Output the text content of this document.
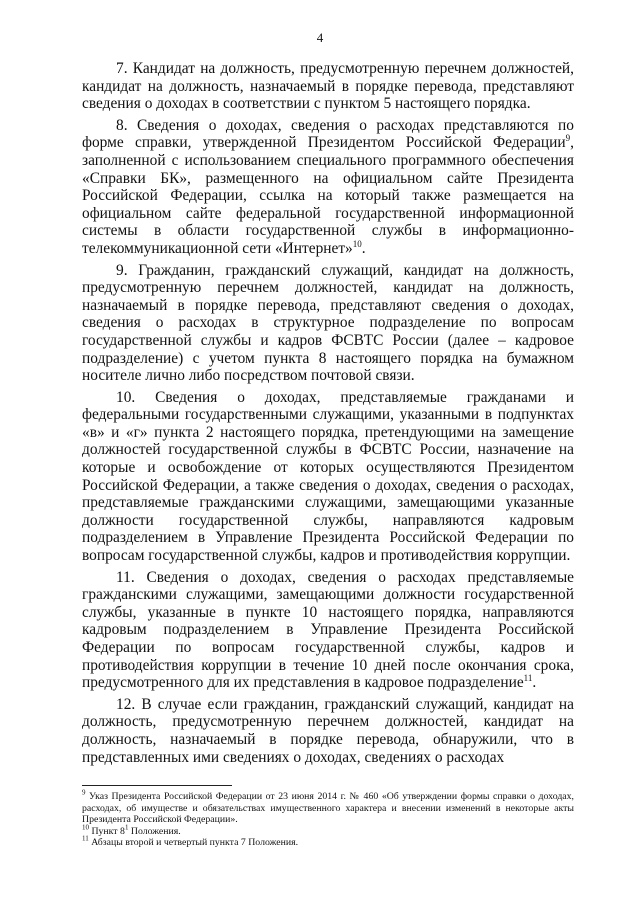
4

7. Кандидат на должность, предусмотренную перечнем должностей, кандидат на должность, назначаемый в порядке перевода, представляют сведения о доходах в соответствии с пунктом 5 настоящего порядка.

8. Сведения о доходах, сведения о расходах представляются по форме справки, утвержденной Президентом Российской Федерации$^9$, заполненной с использованием специального программного обеспечения «Справки БК», размещенного на официальном сайте Президента Российской Федерации, ссылка на который также размещается на официальном сайте федеральной государственной информационной системы в области государственной службы в информационно-телекоммуникационной сети «Интернет»$^{10}$.

9. Гражданин, гражданский служащий, кандидат на должность, предусмотренную перечнем должностей, кандидат на должность, назначаемый в порядке перевода, представляют сведения о доходах, сведения о расходах в структурное подразделение по вопросам государственной службы и кадров ФСВТС России (далее – кадровое подразделение) с учетом пункта 8 настоящего порядка на бумажном носителе лично либо посредством почтовой связи.

10. Сведения о доходах, представляемые гражданами и федеральными государственными служащими, указанными в подпунктах «в» и «г» пункта 2 настоящего порядка, претендующими на замещение должностей государственной службы в ФСВТС России, назначение на которые и освобождение от которых осуществляются Президентом Российской Федерации, а также сведения о доходах, сведения о расходах, представляемые гражданскими служащими, замещающими указанные должности государственной службы, направляются кадровым подразделением в Управление Президента Российской Федерации по вопросам государственной службы, кадров и противодействия коррупции.

11. Сведения о доходах, сведения о расходах представляемые гражданскими служащими, замещающими должности государственной службы, указанные в пункте 10 настоящего порядка, направляются кадровым подразделением в Управление Президента Российской Федерации по вопросам государственной службы, кадров и противодействия коррупции в течение 10 дней после окончания срока, предусмотренного для их представления в кадровое подразделение$^{11}$.

12. В случае если гражданин, гражданский служащий, кандидат на должность, предусмотренную перечнем должностей, кандидат на должность, назначаемый в порядке перевода, обнаружили, что в представленных ими сведениях о доходах, сведениях о расходах

$^9$ Указ Президента Российской Федерации от 23 июня 2014 г. № 460 «Об утверждении формы справки о доходах, расходах, об имуществе и обязательствах имущественного характера и внесении изменений в некоторые акты Президента Российской Федерации».

$^{10}$ Пункт $8^1$ Положения.

$^{11}$ Абзацы второй и четвертый пункта 7 Положения.
